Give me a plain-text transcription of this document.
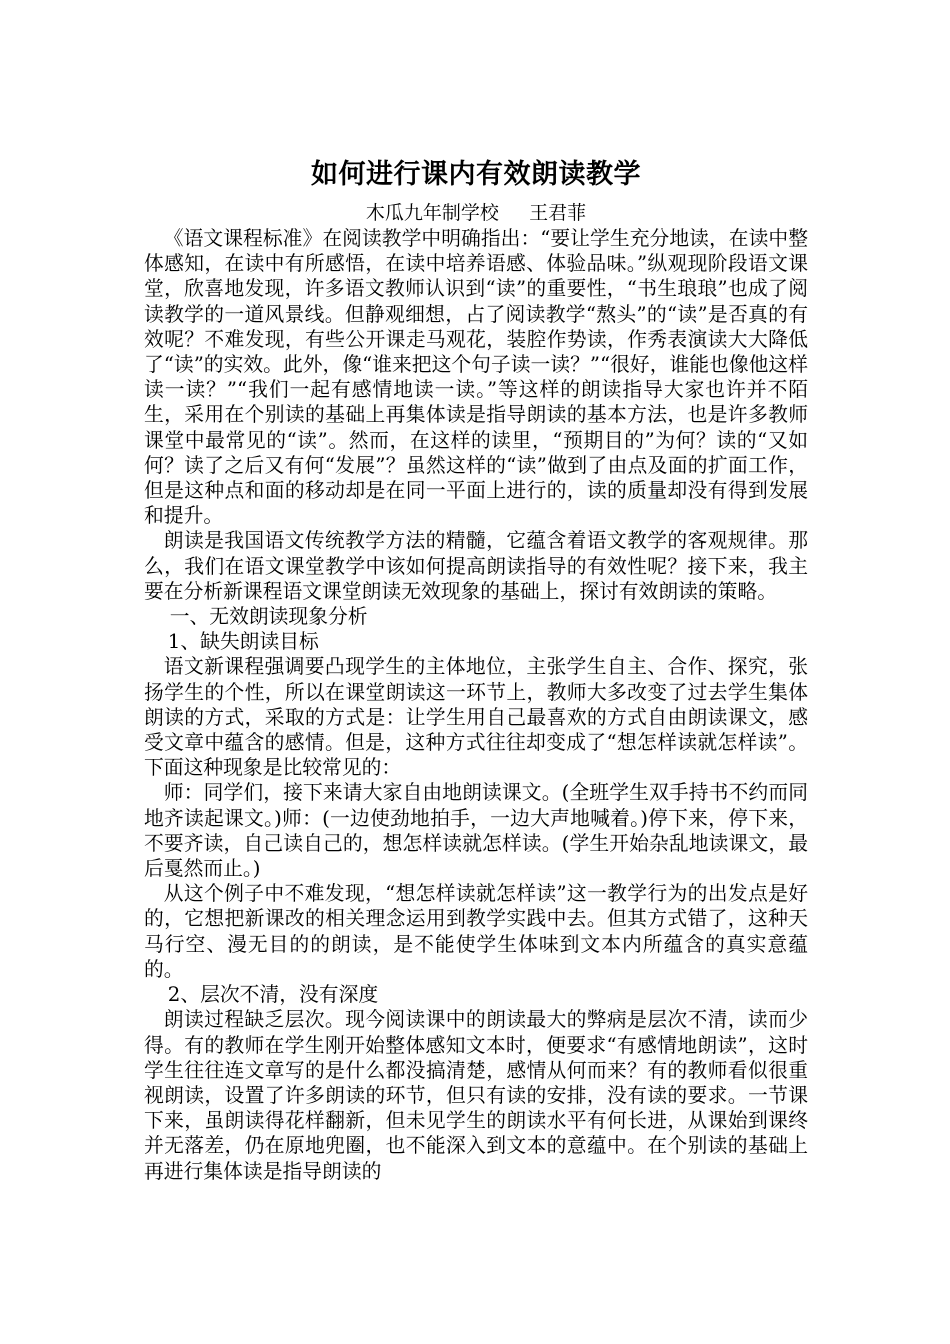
如何进行课内有效朗读教学
木瓜九年制学校     王君菲

《语文课程标准》在阅读教学中明确指出：“要让学生充分地读，在读中整体感知，在读中有所感悟，在读中培养语感、体验品味。”纵观现阶段语文课堂，欣喜地发现，许多语文教师认识到“读”的重要性，“书生琅琅”也成了阅读教学的一道风景线。但静观细想，占了阅读教学“熬头”的“读”是否真的有效呢？不难发现，有些公开课走马观花，装腔作势读，作秀表演读大大降低了“读”的实效。此外，像“谁来把这个句子读一读？”“很好，谁能也像他这样读一读？”“我们一起有感情地读一读。”等这样的朗读指导大家也许并不陌生，采用在个别读的基础上再集体读是指导朗读的基本方法，也是许多教师课堂中最常见的“读”。然而，在这样的读里，“预期目的”为何？读的“又如何？读了之后又有何“发展”？虽然这样的“读”做到了由点及面的扩面工作，但是这种点和面的移动却是在同一平面上进行的，读的质量却没有得到发展和提升。

朗读是我国语文传统教学方法的精髓，它蕴含着语文教学的客观规律。那么，我们在语文课堂教学中该如何提高朗读指导的有效性呢？接下来，我主要在分析新课程语文课堂朗读无效现象的基础上，探讨有效朗读的策略。

一、无效朗读现象分析

1、缺失朗读目标

语文新课程强调要凸现学生的主体地位，主张学生自主、合作、探究，张扬学生的个性，所以在课堂朗读这一环节上，教师大多改变了过去学生集体朗读的方式，采取的方式是：让学生用自己最喜欢的方式自由朗读课文，感受文章中蕴含的感情。但是，这种方式往往却变成了“想怎样读就怎样读”。下面这种现象是比较常见的：

师：同学们，接下来请大家自由地朗读课文。(全班学生双手持书不约而同地齐读起课文。)师：(一边使劲地拍手，一边大声地喊着。)停下来，停下来，不要齐读，自己读自己的，想怎样读就怎样读。(学生开始杂乱地读课文，最后戛然而止。)

从这个例子中不难发现，“想怎样读就怎样读”这一教学行为的出发点是好的，它想把新课改的相关理念运用到教学实践中去。但其方式错了，这种天马行空、漫无目的的朗读，是不能使学生体味到文本内所蕴含的真实意蕴的。

2、层次不清，没有深度

朗读过程缺乏层次。现今阅读课中的朗读最大的弊病是层次不清，读而少得。有的教师在学生刚开始整体感知文本时，便要求“有感情地朗读”，这时学生往往连文章写的是什么都没搞清楚，感情从何而来？有的教师看似很重视朗读，设置了许多朗读的环节，但只有读的安排，没有读的要求。一节课下来，虽朗读得花样翻新，但未见学生的朗读水平有何长进，从课始到课终并无落差，仍在原地兜圈，也不能深入到文本的意蕴中。在个别读的基础上再进行集体读是指导朗读的
